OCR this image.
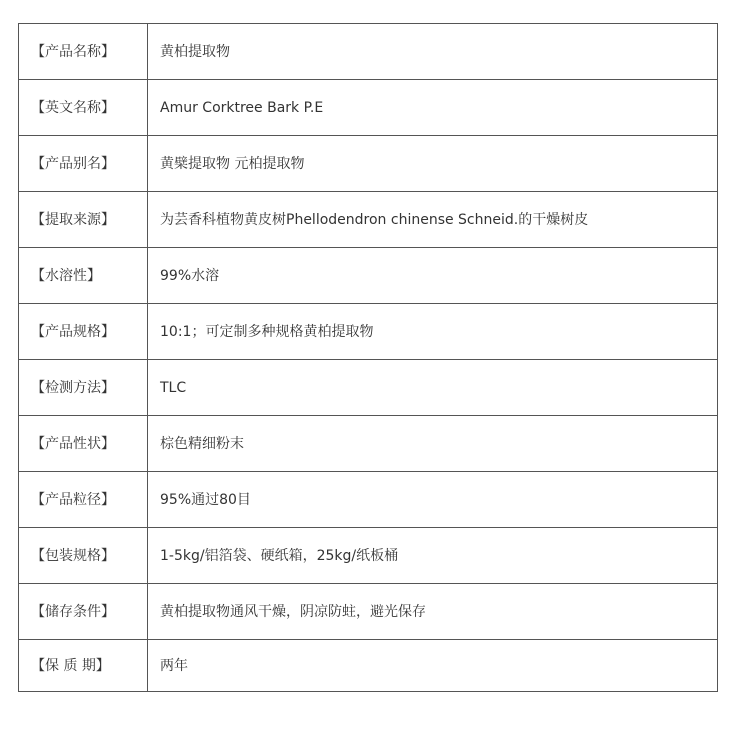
【产品名称】	黄柏提取物
【英文名称】	Amur Corktree Bark P.E
【产品别名】	黄檗提取物 元柏提取物
【提取来源】	为芸香科植物黄皮树Phellodendron chinense Schneid.的干燥树皮
【水溶性】	99%水溶
【产品规格】	10:1；可定制多种规格黄柏提取物
【检测方法】	TLC
【产品性状】	棕色精细粉末
【产品粒径】	95%通过80目
【包装规格】	1-5kg/铝箔袋、硬纸箱，25kg/纸板桶
【储存条件】	黄柏提取物通风干燥，阴凉防蛀，避光保存
【保 质 期】	两年
